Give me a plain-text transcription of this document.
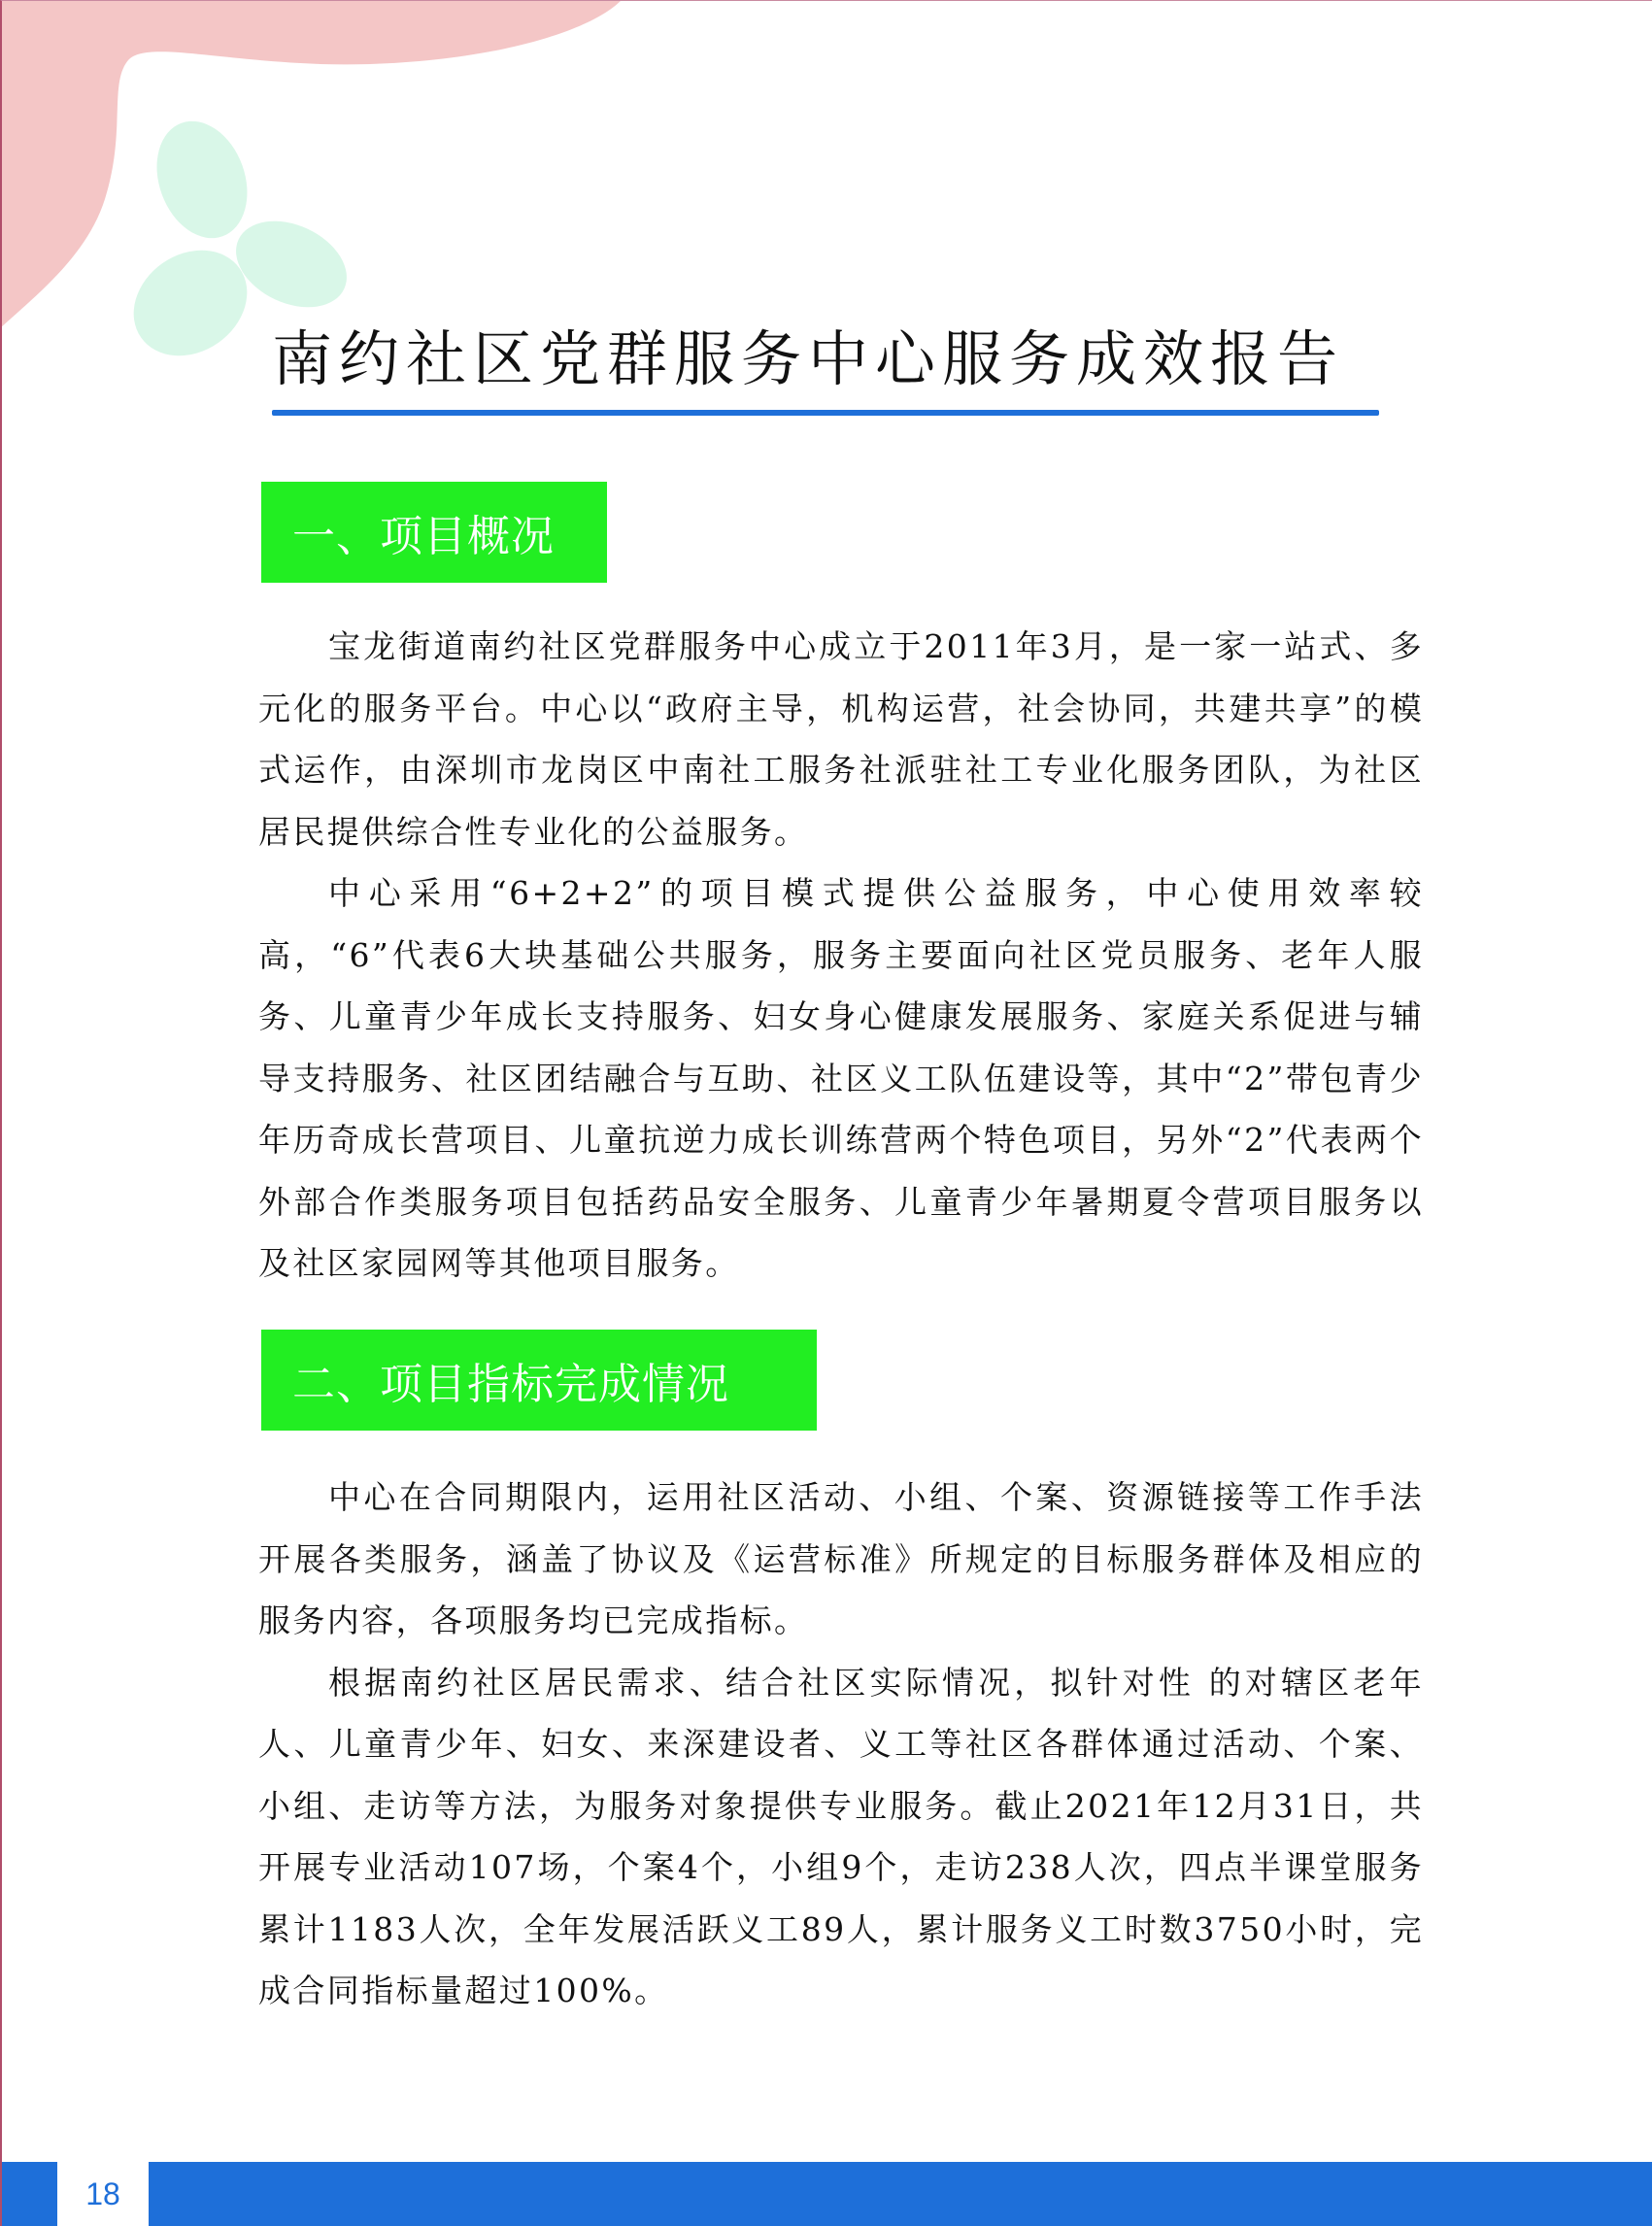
南约社区党群服务中心服务成效报告
一、项目概况

宝龙街道南约社区党群服务中心成立于2011年3月，是一家一站式、多元化的服务平台。中心以“政府主导，机构运营，社会协同，共建共享”的模式运作，由深圳市龙岗区中南社工服务社派驻社工专业化服务团队，为社区居民提供综合性专业化的公益服务。

中心采用“6+2+2”的项目模式提供公益服务，中心使用效率较高，“6”代表6大块基础公共服务，服务主要面向社区党员服务、老年人服务、儿童青少年成长支持服务、妇女身心健康发展服务、家庭关系促进与辅导支持服务、社区团结融合与互助、社区义工队伍建设等，其中“2”带包青少年历奇成长营项目、儿童抗逆力成长训练营两个特色项目，另外“2”代表两个外部合作类服务项目包括药品安全服务、儿童青少年暑期夏令营项目服务以及社区家园网等其他项目服务。

二、项目指标完成情况

中心在合同期限内，运用社区活动、小组、个案、资源链接等工作手法开展各类服务，涵盖了协议及《运营标准》所规定的目标服务群体及相应的服务内容，各项服务均已完成指标。

根据南约社区居民需求、结合社区实际情况，拟针对性 的对辖区老年人、儿童青少年、妇女、来深建设者、义工等社区各群体通过活动、个案、小组、走访等方法，为服务对象提供专业服务。截止2021年12月31日，共开展专业活动107场，个案4个，小组9个，走访238人次，四点半课堂服务累计1183人次，全年发展活跃义工89人，累计服务义工时数3750小时，完成合同指标量超过100%。

18
